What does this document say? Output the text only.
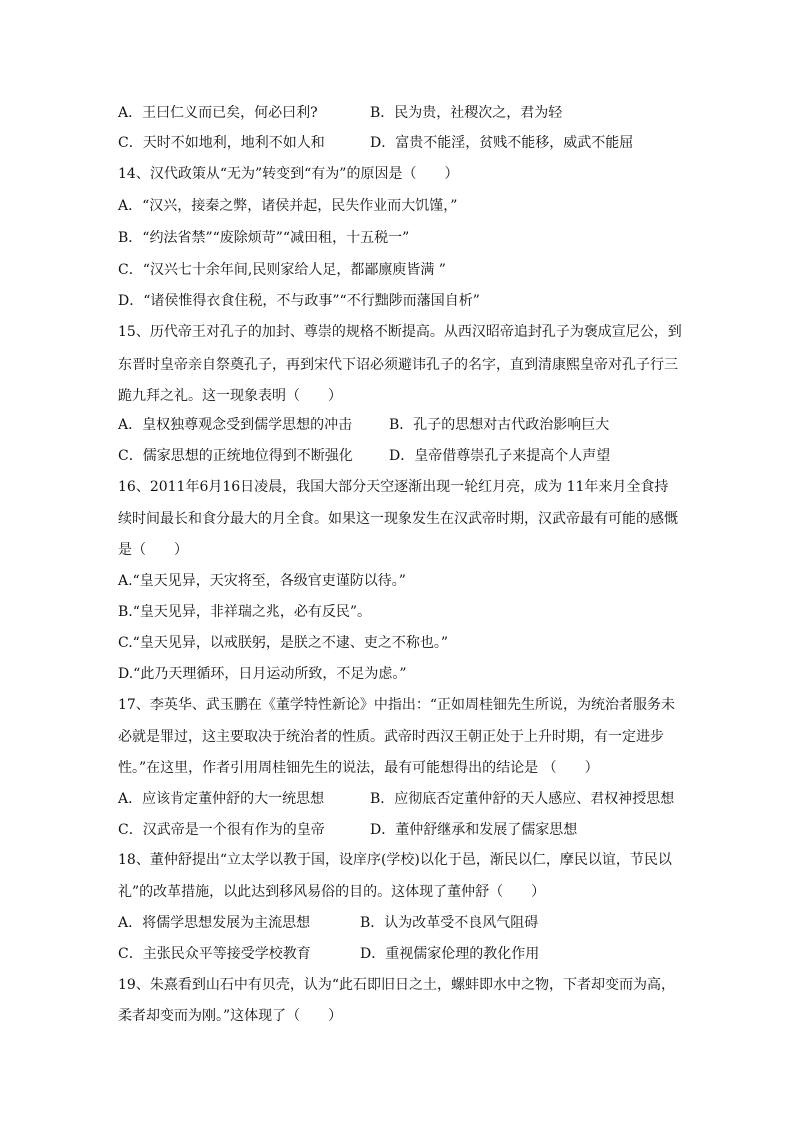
A．王曰仁义而已矣，何必曰利?	B．民为贵，社稷次之，君为轻
C．天时不如地利，地利不如人和	D．富贵不能淫，贫贱不能移，威武不能屈
14、汉代政策从“无为”转变到“有为”的原因是（　　）
A．“汉兴，接秦之弊，诸侯并起，民失作业而大饥馑，”
B．“约法省禁”“废除烦苛”“减田租，十五税一”
C．“汉兴七十余年间,民则家给人足，都鄙廪庾皆满 ”
D．“诸侯惟得衣食住税，不与政事”“不行黜陟而藩国自析”
15、历代帝王对孔子的加封、尊崇的规格不断提高。从西汉昭帝追封孔子为褒成宣尼公，到
东晋时皇帝亲自祭奠孔子，再到宋代下诏必须避讳孔子的名字，直到清康熙皇帝对孔子行三
跪九拜之礼。这一现象表明（　　）
A．皇权独尊观念受到儒学思想的冲击	B．孔子的思想对古代政治影响巨大
C．儒家思想的正统地位得到不断强化	D．皇帝借尊崇孔子来提高个人声望
16、2011年6月16日凌晨，我国大部分天空逐渐出现一轮红月亮，成为 11年来月全食持
续时间最长和食分最大的月全食。如果这一现象发生在汉武帝时期，汉武帝最有可能的感慨
是（　　）
A.“皇天见异，天灾将至，各级官吏谨防以待。”
B.“皇天见异，非祥瑞之兆，必有反民”。
C.“皇天见异，以戒朕躬，是朕之不逮、吏之不称也。”
D.“此乃天理循环，日月运动所致，不足为虑。”
17、李英华、武玉鹏在《董学特性新论》中指出：“正如周桂钿先生所说，为统治者服务未
必就是罪过，这主要取决于统治者的性质。武帝时西汉王朝正处于上升时期，有一定进步
性。”在这里，作者引用周桂钿先生的说法，最有可能想得出的结论是 （　　）
A．应该肯定董仲舒的大一统思想	B．应彻底否定董仲舒的天人感应、君权神授思想
C．汉武帝是一个很有作为的皇帝	D．董仲舒继承和发展了儒家思想
18、董仲舒提出“立太学以教于国，设庠序(学校)以化于邑，渐民以仁，摩民以谊，节民以
礼”的改革措施，以此达到移风易俗的目的。这体现了董仲舒（　　）
A．将儒学思想发展为主流思想	B．认为改革受不良风气阻碍
C．主张民众平等接受学校教育	D．重视儒家伦理的教化作用
19、朱熹看到山石中有贝壳，认为“此石即旧日之土，螺蚌即水中之物，下者却变而为高，
柔者却变而为刚。”这体现了（　　）
